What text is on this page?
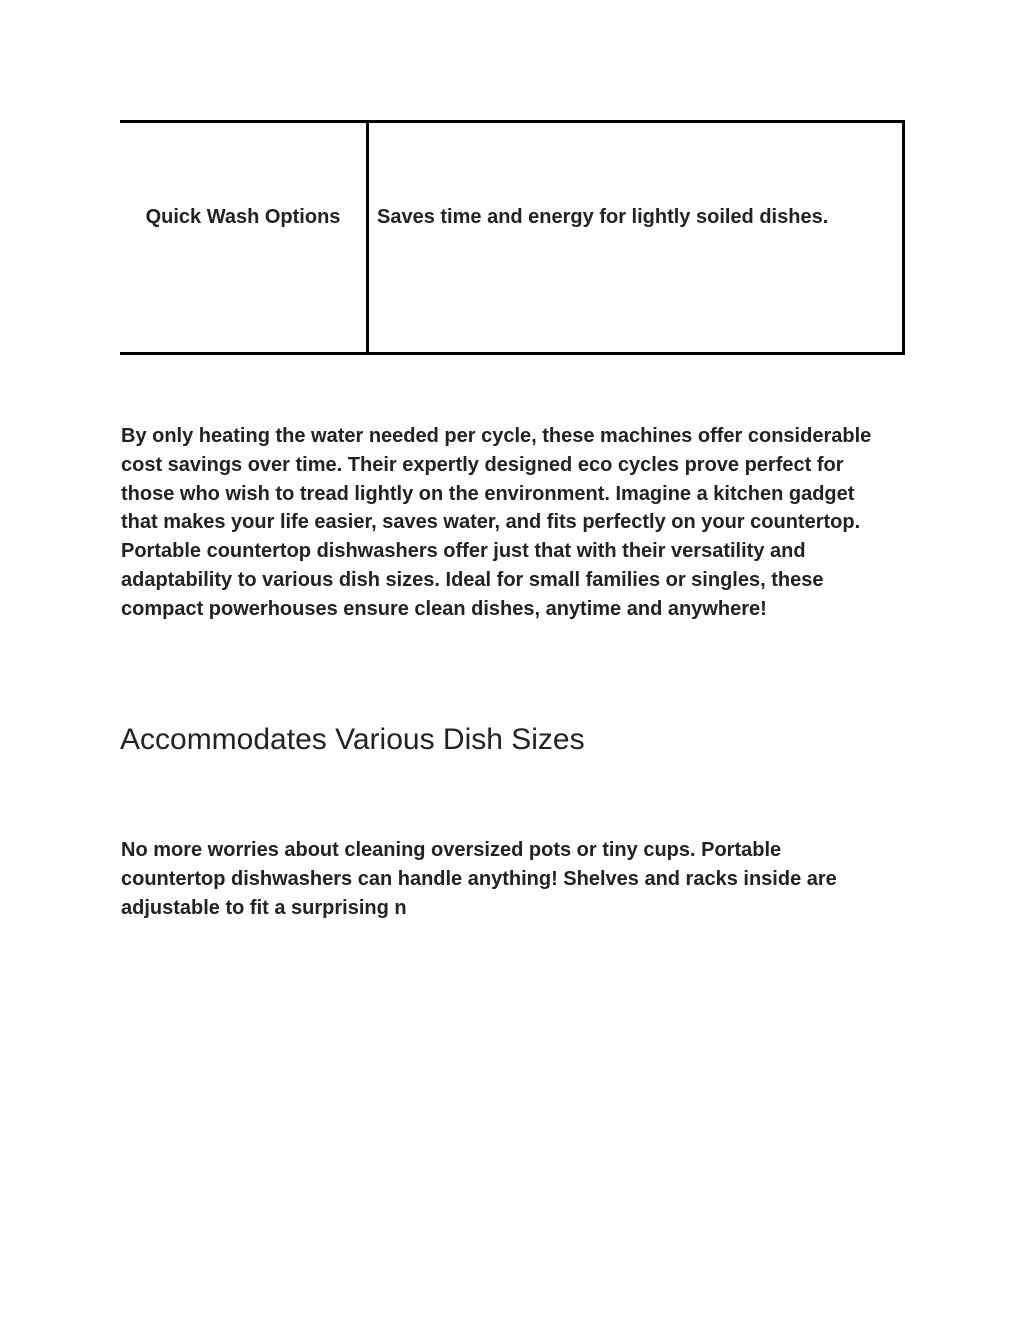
Quick Wash Options	Saves time and energy for lightly soiled dishes.

By only heating the water needed per cycle, these machines offer considerable cost savings over time. Their expertly designed eco cycles prove perfect for those who wish to tread lightly on the environment. Imagine a kitchen gadget that makes your life easier, saves water, and fits perfectly on your countertop. Portable countertop dishwashers offer just that with their versatility and adaptability to various dish sizes. Ideal for small families or singles, these compact powerhouses ensure clean dishes, anytime and anywhere!

Accommodates Various Dish Sizes

No more worries about cleaning oversized pots or tiny cups. Portable countertop dishwashers can handle anything! Shelves and racks inside are adjustable to fit a surprising n
